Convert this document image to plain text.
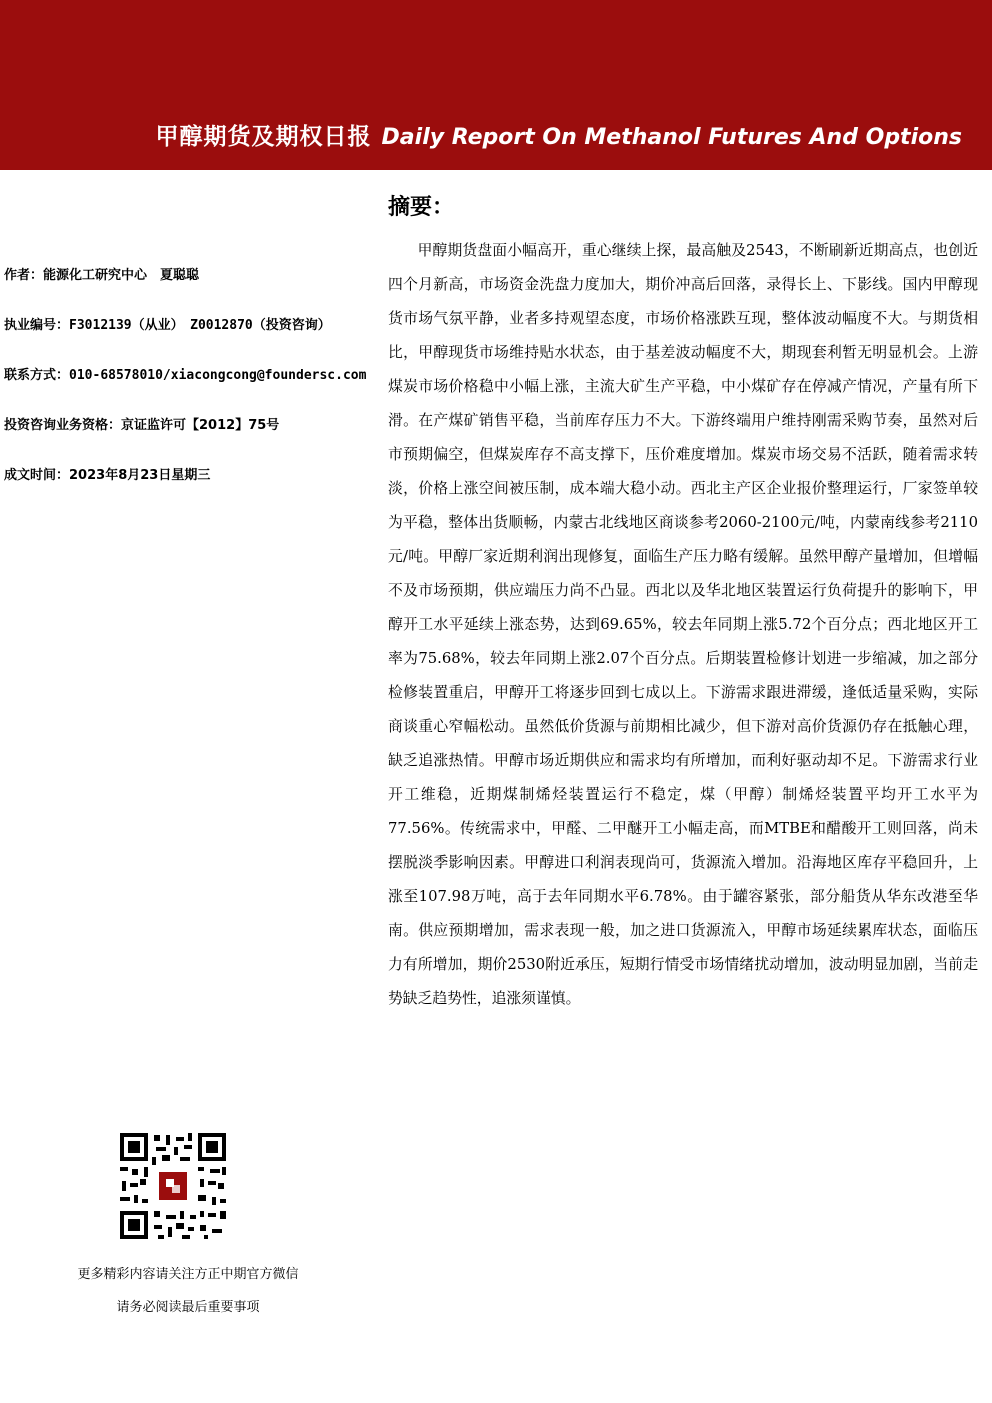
甲醇期货及期权日报 Daily Report On Methanol Futures And Options
作者：能源化工研究中心　夏聪聪
执业编号：F3012139（从业）　Z0012870（投资咨询）
联系方式：010-68578010/xiacongcong@foundersc.com
投资咨询业务资格：京证监许可【2012】75号
成文时间：2023年8月23日星期三
摘要：
甲醇期货盘面小幅高开，重心继续上探，最高触及2543，不断刷新近期高点，也创近四个月新高，市场资金洗盘力度加大，期价冲高后回落，录得长上、下影线。国内甲醇现货市场气氛平静，业者多持观望态度，市场价格涨跌互现，整体波动幅度不大。与期货相比，甲醇现货市场维持贴水状态，由于基差波动幅度不大，期现套利暂无明显机会。上游煤炭市场价格稳中小幅上涨，主流大矿生产平稳，中小煤矿存在停减产情况，产量有所下滑。在产煤矿销售平稳，当前库存压力不大。下游终端用户维持刚需采购节奏，虽然对后市预期偏空，但煤炭库存不高支撑下，压价难度增加。煤炭市场交易不活跃，随着需求转淡，价格上涨空间被压制，成本端大稳小动。西北主产区企业报价整理运行，厂家签单较为平稳，整体出货顺畅，内蒙古北线地区商谈参考2060-2100元/吨，内蒙南线参考2110元/吨。甲醇厂家近期利润出现修复，面临生产压力略有缓解。虽然甲醇产量增加，但增幅不及市场预期，供应端压力尚不凸显。西北以及华北地区装置运行负荷提升的影响下，甲醇开工水平延续上涨态势，达到69.65%，较去年同期上涨5.72个百分点；西北地区开工率为75.68%，较去年同期上涨2.07个百分点。后期装置检修计划进一步缩减，加之部分检修装置重启，甲醇开工将逐步回到七成以上。下游需求跟进滞缓，逢低适量采购，实际商谈重心窄幅松动。虽然低价货源与前期相比减少，但下游对高价货源仍存在抵触心理，缺乏追涨热情。甲醇市场近期供应和需求均有所增加，而利好驱动却不足。下游需求行业开工维稳，近期煤制烯烃装置运行不稳定，煤（甲醇）制烯烃装置平均开工水平为77.56%。传统需求中，甲醛、二甲醚开工小幅走高，而MTBE和醋酸开工则回落，尚未摆脱淡季影响因素。甲醇进口利润表现尚可，货源流入增加。沿海地区库存平稳回升，上涨至107.98万吨，高于去年同期水平6.78%。由于罐容紧张，部分船货从华东改港至华南。供应预期增加，需求表现一般，加之进口货源流入，甲醇市场延续累库状态，面临压力有所增加，期价2530附近承压，短期行情受市场情绪扰动增加，波动明显加剧，当前走势缺乏趋势性，追涨须谨慎。
更多精彩内容请关注方正中期官方微信
请务必阅读最后重要事项
